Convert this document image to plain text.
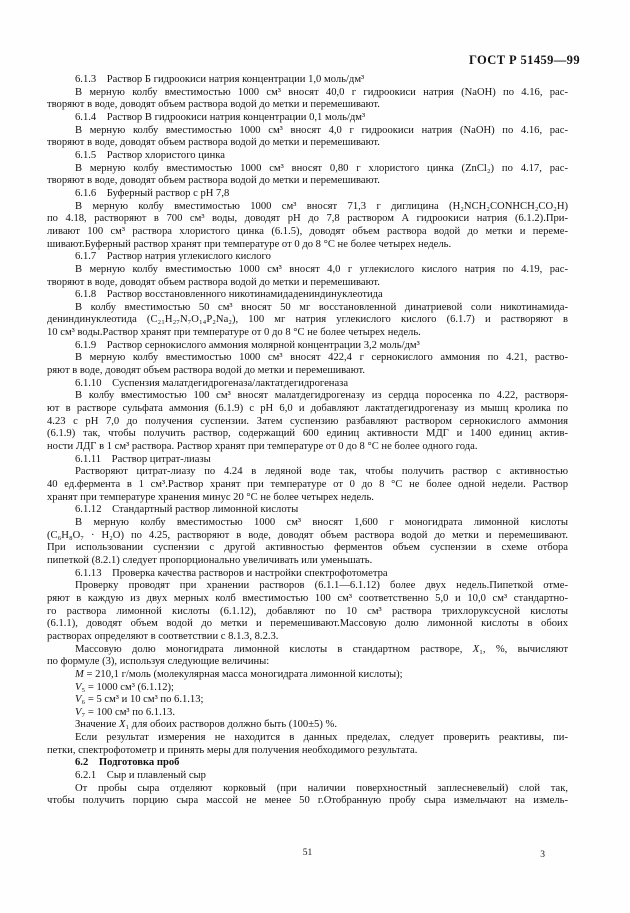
ГОСТ Р 51459—99
6.1.3 Раствор Б гидроокиси натрия концентрации 1,0 моль/дм³
В мерную колбу вместимостью 1000 см³ вносят 40,0 г гидроокиси натрия (NaOH) по 4.16, рас-
творяют в воде, доводят объем раствора водой до метки и перемешивают.
6.1.4 Раствор В гидроокиси натрия концентрации 0,1 моль/дм³
В мерную колбу вместимостью 1000 см³ вносят 4,0 г гидроокиси натрия (NaOH) по 4.16, рас-
творяют в воде, доводят объем раствора водой до метки и перемешивают.
6.1.5 Раствор хлористого цинка
В мерную колбу вместимостью 1000 см³ вносят 0,80 г хлористого цинка (ZnCl₂) по 4.17, рас-
творяют в воде, доводят объем раствора водой до метки и перемешивают.
6.1.6 Буферный раствор с pH 7,8
В мерную колбу вместимостью 1000 см³ вносят 71,3 г диглицина (H₂NCH₂CONHCH₂CO₂H)
по 4.18, растворяют в 700 см³ воды, доводят pH до 7,8 раствором А гидроокиси натрия (6.1.2).При-
ливают 100 см³ раствора хлористого цинка (6.1.5), доводят объем раствора водой до метки и переме-
шивают.Буферный раствор хранят при температуре от 0 до 8 °С не более четырех недель.
6.1.7 Раствор натрия углекислого кислого
В мерную колбу вместимостью 1000 см³ вносят 4,0 г углекислого кислого натрия по 4.19, рас-
творяют в воде, доводят объем раствора водой до метки и перемешивают.
6.1.8 Раствор восстановленного никотинамидадениндинуклеотида
В колбу вместимостью 50 см³ вносят 50 мг восстановленной динатриевой соли никотинамида-
дениндинуклеотида (C₂₁H₂₇N₇O₁₄P₂Na₂), 100 мг натрия углекислого кислого (6.1.7) и растворяют в
10 см³ воды.Раствор хранят при температуре от 0 до 8 °С не более четырех недель.
6.1.9 Раствор сернокислого аммония молярной концентрации 3,2 моль/дм³
В мерную колбу вместимостью 1000 см³ вносят 422,4 г сернокислого аммония по 4.21, раство-
ряют в воде, доводят объем раствора водой до метки и перемешивают.
6.1.10 Суспензия малатдегидрогеназа/лактатдегидрогеназа
В колбу вместимостью 100 см³ вносят малатдегидрогеназу из сердца поросенка по 4.22, растворя-
ют в растворе сульфата аммония (6.1.9) с pH 6,0 и добавляют лактатдегидрогеназу из мышц кролика по
4.23 с pH 7,0 до получения суспензии. Затем суспензию разбавляют раствором сернокислого аммония
(6.1.9) так, чтобы получить раствор, содержащий 600 единиц активности МДГ и 1400 единиц актив-
ности ЛДГ в 1 см³ раствора. Раствор хранят при температуре от 0 до 8 °С не более одного года.
6.1.11 Раствор цитрат-лиазы
Растворяют цитрат-лиазу по 4.24 в ледяной воде так, чтобы получить раствор с активностью
40 ед.фермента в 1 см³.Раствор хранят при температуре от 0 до 8 °С не более одной недели. Раствор
хранят при температуре хранения минус 20 °С не более четырех недель.
6.1.12 Стандартный раствор лимонной кислоты
В мерную колбу вместимостью 1000 см³ вносят 1,600 г моногидрата лимонной кислоты
(C₆H₈O₇ · H₂O) по 4.25, растворяют в воде, доводят объем раствора водой до метки и перемешивают.
При использовании суспензии с другой активностью ферментов объем суспензии в схеме отбора
пипеткой (8.2.1) следует пропорционально увеличивать или уменьшать.
6.1.13 Проверка качества растворов и настройки спектрофотометра
Проверку проводят при хранении растворов (6.1.1—6.1.12) более двух недель.Пипеткой отме-
ряют в каждую из двух мерных колб вместимостью 100 см³ соответственно 5,0 и 10,0 см³ стандартно-
го раствора лимонной кислоты (6.1.12), добавляют по 10 см³ раствора трихлоруксусной кислоты
(6.1.1), доводят объем водой до метки и перемешивают.Массовую долю лимонной кислоты в обоих
растворах определяют в соответствии с 8.1.3, 8.2.3.
Массовую долю моногидрата лимонной кислоты в стандартном растворе, X₁, %, вычисляют
по формуле (3), используя следующие величины:
M = 210,1 г/моль (молекулярная масса моногидрата лимонной кислоты);
V₅ = 1000 см³ (6.1.12);
V₆ = 5 см³ и 10 см³ по 6.1.13;
V₇ = 100 см³ по 6.1.13.
Значение X₁ для обоих растворов должно быть (100±5) %.
Если результат измерения не находится в данных пределах, следует проверить реактивы, пи-
петки, спектрофотометр и принять меры для получения необходимого результата.
6.2 Подготовка проб
6.2.1 Сыр и плавленый сыр
От пробы сыра отделяют корковый (при наличии поверхностный заплесневелый) слой так,
чтобы получить порцию сыра массой не менее 50 г.Отобранную пробу сыра измельчают на измель-
51	3
